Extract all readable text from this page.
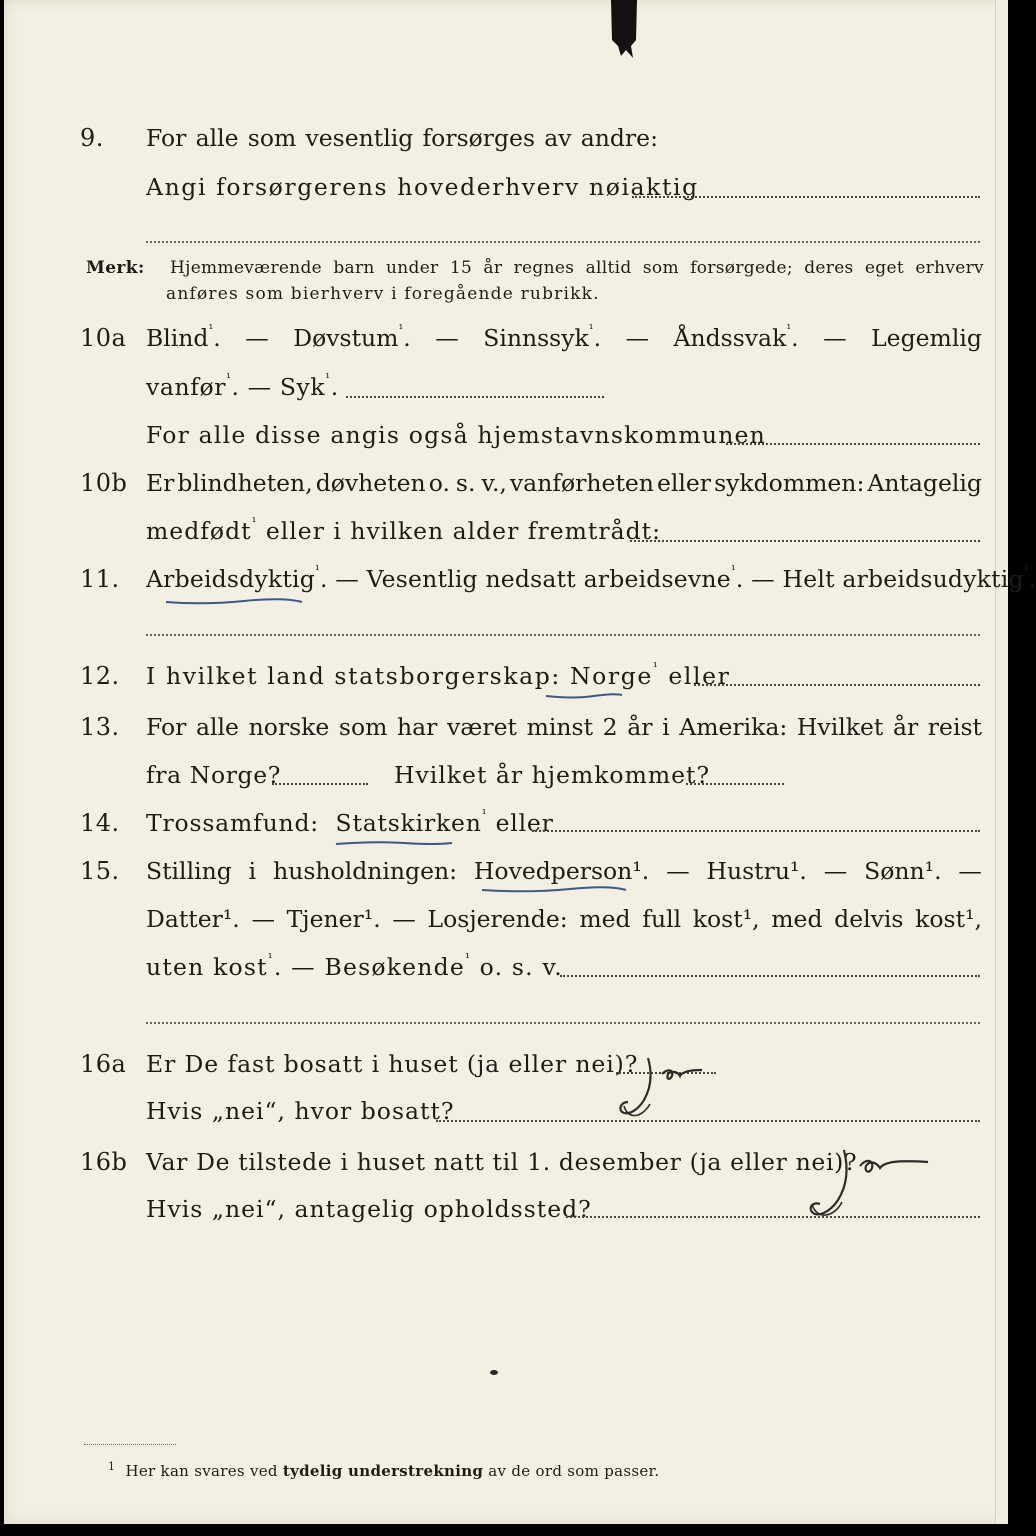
9. For alle som vesentlig forsørges av andre:
Angi forsørgerens hovederhverv nøiaktig
Merk: Hjemmeværende barn under 15 år regnes alltid som forsørgede; deres eget erhverv
anføres som bierhverv i foregående rubrikk.
10a Blind$^{^1}$. — Døvstum$^{^1}$. — Sinnssyk$^{^1}$. — Åndssvak$^{^1}$. — Legemlig
vanfør$^{^1}$. — Syk$^{^1}$.
For alle disse angis også hjemstavnskommunen
10b Er blindheten, døvheten o. s. v., vanførheten eller sykdommen: Antagelig
medfødt$^{^1}$ eller i hvilken alder fremtrådt:
11. Arbeidsdyktig$^{^1}$. — Vesentlig nedsatt arbeidsevne$^{^1}$. — Helt arbeidsudyktig$^{^1}$.
12. I hvilket land statsborgerskap: Norge$^{^1}$ eller
13. For alle norske som har været minst 2 år i Amerika: Hvilket år reist
fra Norge?	Hvilket år hjemkommet?
14. Trossamfund: Statskirken$^{^1}$ eller
15. Stilling i husholdningen: Hovedperson¹. — Hustru¹. — Sønn¹. —
Datter¹. — Tjener¹. — Losjerende: med full kost¹, med delvis kost¹,
uten kost$^{^1}$. — Besøkende$^{^1}$ o. s. v.
16a Er De fast bosatt i huset (ja eller nei)?
Hvis „nei“, hvor bosatt?
16b Var De tilstede i huset natt til 1. desember (ja eller nei)?
Hvis „nei“, antagelig opholdssted?
$^1$ Her kan svares ved tydelig understrekning av de ord som passer.
